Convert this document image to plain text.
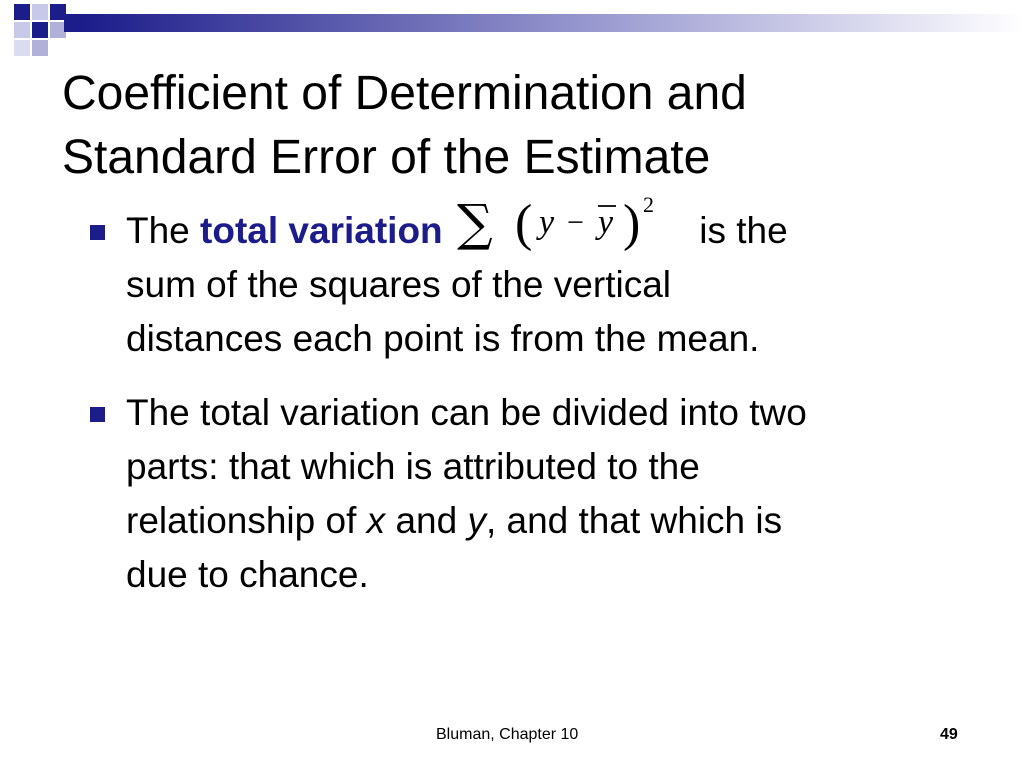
Coefficient of Determination and
Standard Error of the Estimate
The total variation ∑ ( y − y ) 2
is the
sum of the squares of the vertical
distances each point is from the mean.
The total variation can be divided into two
parts: that which is attributed to the
relationship of x and y, and that which is
due to chance.
Bluman, Chapter 10	49
